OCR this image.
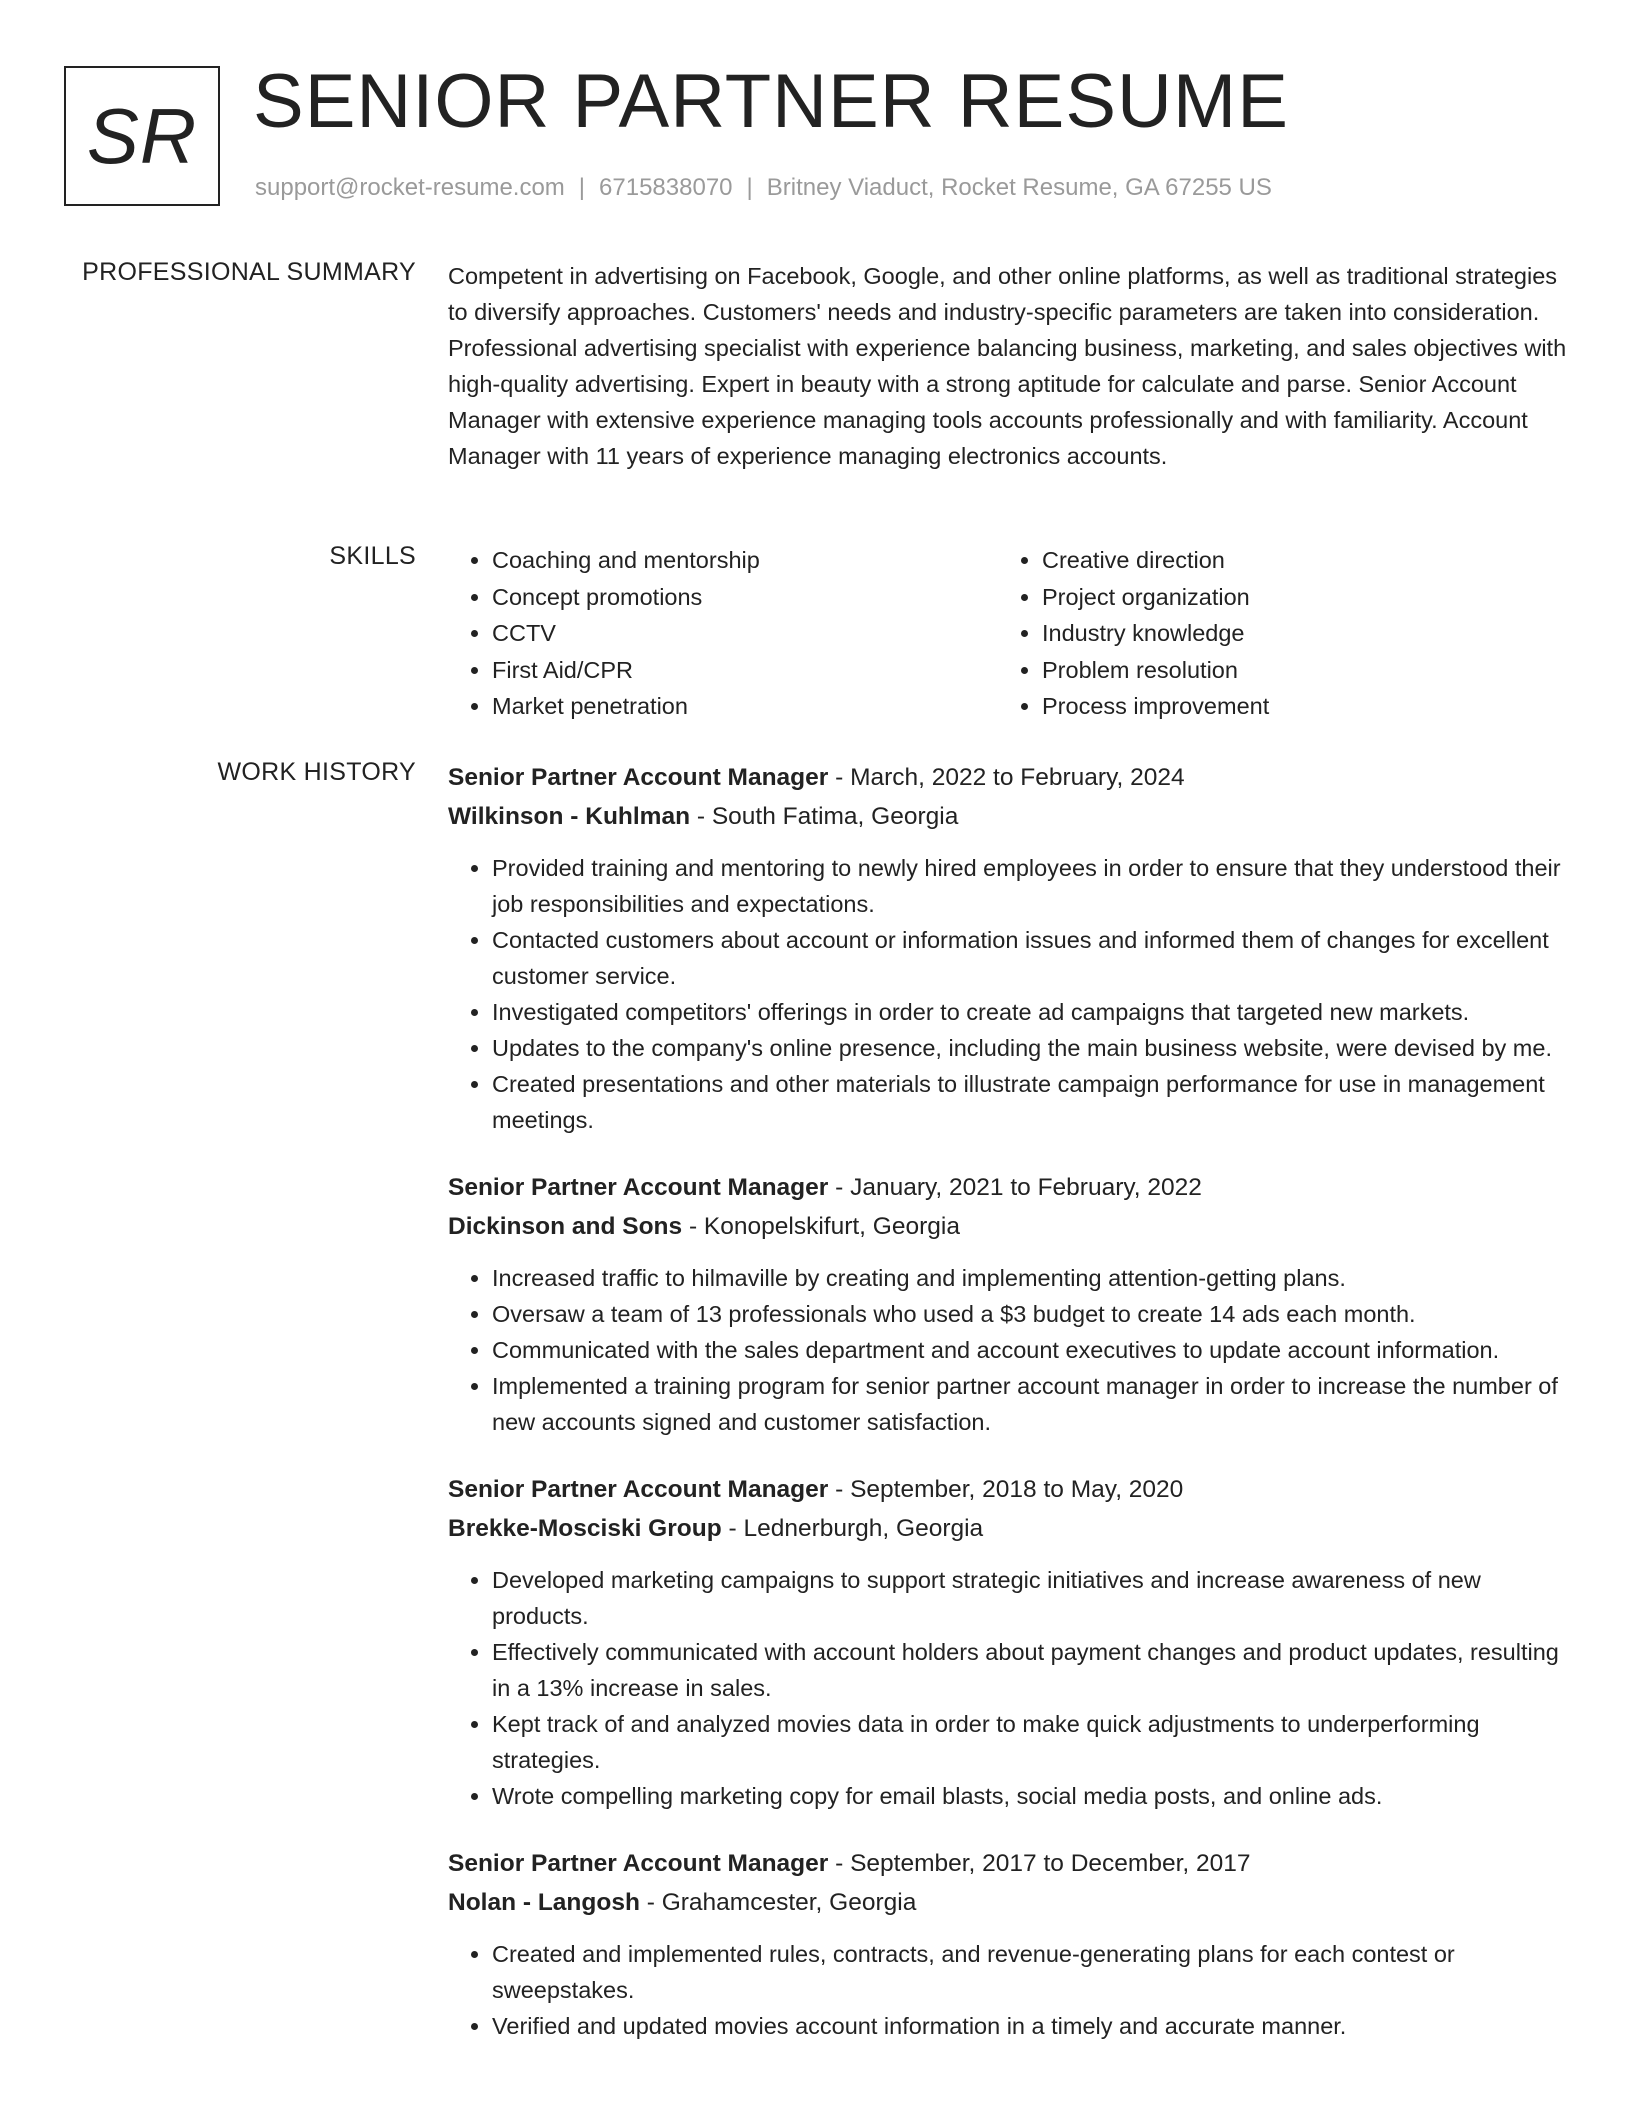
SR SENIOR PARTNER RESUME
support@rocket-resume.com | 6715838070 | Britney Viaduct, Rocket Resume, GA 67255 US
PROFESSIONAL SUMMARY Competent in advertising on Facebook, Google, and other online platforms, as well as traditional strategies to diversify approaches. Customers' needs and industry-specific parameters are taken into consideration. Professional advertising specialist with experience balancing business, marketing, and sales objectives with high-quality advertising. Expert in beauty with a strong aptitude for calculate and parse. Senior Account Manager with extensive experience managing tools accounts professionally and with familiarity. Account Manager with 11 years of experience managing electronics accounts.

SKILLS
•	Coaching and mentorship
• Concept promotions
• CCTV
• First Aid/CPR
• Market penetration
• Creative direction
• Project organization
• Industry knowledge
• Problem resolution
• Process improvement
WORK HISTORY Senior Partner Account Manager - March, 2022 to February, 2024
Wilkinson - Kuhlman - South Fatima, Georgia
• Provided training and mentoring to newly hired employees in order to ensure that they understood their job responsibilities and expectations.
• Contacted customers about account or information issues and informed them of changes for excellent customer service.
• Investigated competitors' offerings in order to create ad campaigns that targeted new markets.
• Updates to the company's online presence, including the main business website, were devised by me.
• Created presentations and other materials to illustrate campaign performance for use in management meetings.
Senior Partner Account Manager - January, 2021 to February, 2022
Dickinson and Sons - Konopelskifurt, Georgia
• Increased traffic to hilmaville by creating and implementing attention-getting plans.
• Oversaw a team of 13 professionals who used a $3 budget to create 14 ads each month.
• Communicated with the sales department and account executives to update account information.
• Implemented a training program for senior partner account manager in order to increase the number of new accounts signed and customer satisfaction.
Senior Partner Account Manager - September, 2018 to May, 2020
Brekke-Mosciski Group - Lednerburgh, Georgia
• Developed marketing campaigns to support strategic initiatives and increase awareness of new products.
• Effectively communicated with account holders about payment changes and product updates, resulting in a 13% increase in sales.
• Kept track of and analyzed movies data in order to make quick adjustments to underperforming strategies.
• Wrote compelling marketing copy for email blasts, social media posts, and online ads.
Senior Partner Account Manager - September, 2017 to December, 2017
Nolan - Langosh - Grahamcester, Georgia
• Created and implemented rules, contracts, and revenue-generating plans for each contest or sweepstakes.
• Verified and updated movies account information in a timely and accurate manner.
